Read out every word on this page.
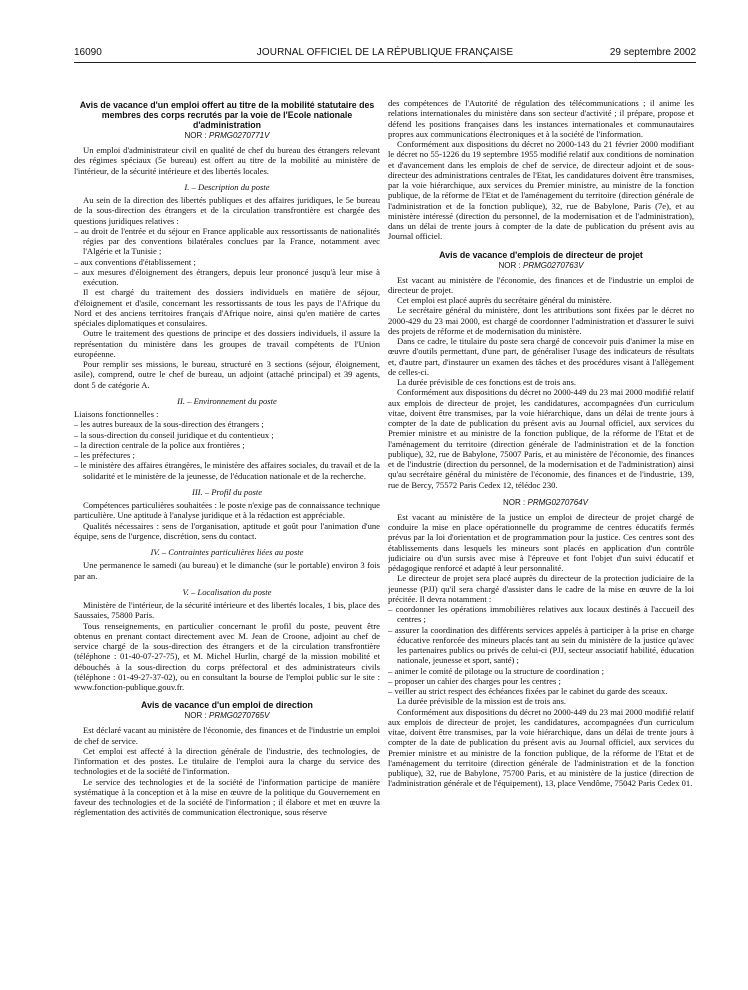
16090	JOURNAL OFFICIEL DE LA RÉPUBLIQUE FRANÇAISE	29 septembre 2002

Avis de vacance d'un emploi offert au titre de la mobilité statutaire des membres des corps recrutés par la voie de l'Ecole nationale d'administration

NOR : PRMG0270771V

Un emploi d'administrateur civil en qualité de chef du bureau des étrangers relevant des régimes spéciaux (5e bureau) est offert au titre de la mobilité au ministère de l'intérieur, de la sécurité intérieure et des libertés locales.

I. – Description du poste

Au sein de la direction des libertés publiques et des affaires juridiques, le 5e bureau de la sous-direction des étrangers et de la circulation transfrontière est chargée des questions juridiques relatives :

– au droit de l'entrée et du séjour en France applicable aux ressortissants de nationalités régies par des conventions bilatérales conclues par la France, notamment avec l'Algérie et la Tunisie ;
– aux conventions d'établissement ;
– aux mesures d'éloignement des étrangers, depuis leur prononcé jusqu'à leur mise à exécution.

Il est chargé du traitement des dossiers individuels en matière de séjour, d'éloignement et d'asile, concernant les ressortissants de tous les pays de l'Afrique du Nord et des anciens territoires français d'Afrique noire, ainsi qu'en matière de cartes spéciales diplomatiques et consulaires.

Outre le traitement des questions de principe et des dossiers individuels, il assure la représentation du ministère dans les groupes de travail compétents de l'Union européenne.

Pour remplir ses missions, le bureau, structuré en 3 sections (séjour, éloignement, asile), comprend, outre le chef de bureau, un adjoint (attaché principal) et 39 agents, dont 5 de catégorie A.

II. – Environnement du poste

Liaisons fonctionnelles :

– les autres bureaux de la sous-direction des étrangers ;
– la sous-direction du conseil juridique et du contentieux ;
– la direction centrale de la police aux frontières ;
– les préfectures ;
– le ministère des affaires étrangères, le ministère des affaires sociales, du travail et de la solidarité et le ministère de la jeunesse, de l'éducation nationale et de la recherche.

III. – Profil du poste

Compétences particulières souhaitées : le poste n'exige pas de connaissance technique particulière. Une aptitude à l'analyse juridique et à la rédaction est appréciable.

Qualités nécessaires : sens de l'organisation, aptitude et goût pour l'animation d'une équipe, sens de l'urgence, discrétion, sens du contact.

IV. – Contraintes particulières liées au poste

Une permanence le samedi (au bureau) et le dimanche (sur le portable) environ 3 fois par an.

V. – Localisation du poste

Ministère de l'intérieur, de la sécurité intérieure et des libertés locales, 1 bis, place des Saussaies, 75800 Paris.

Tous renseignements, en particulier concernant le profil du poste, peuvent être obtenus en prenant contact directement avec M. Jean de Croone, adjoint au chef de service chargé de la sous-direction des étrangers et de la circulation transfrontière (téléphone : 01-40-07-27-75), et M. Michel Hurlin, chargé de la mission mobilité et débouchés à la sous-direction du corps préfectoral et des administrateurs civils (téléphone : 01-49-27-37-02), ou en consultant la bourse de l'emploi public sur le site : www.fonction-publique.gouv.fr.

Avis de vacance d'un emploi de direction

NOR : PRMG0270765V

Est déclaré vacant au ministère de l'économie, des finances et de l'industrie un emploi de chef de service.

Cet emploi est affecté à la direction générale de l'industrie, des technologies, de l'information et des postes. Le titulaire de l'emploi aura la charge du service des technologies et de la société de l'information.

Le service des technologies et de la société de l'information participe de manière systématique à la conception et à la mise en œuvre de la politique du Gouvernement en faveur des technologies et de la société de l'information ; il élabore et met en œuvre la réglementation des activités de communication électronique, sous réserve

des compétences de l'Autorité de régulation des télécommunications ; il anime les relations internationales du ministère dans son secteur d'activité ; il prépare, propose et défend les positions françaises dans les instances internationales et communautaires propres aux communications électroniques et à la société de l'information.

Conformément aux dispositions du décret no 2000-143 du 21 février 2000 modifiant le décret no 55-1226 du 19 septembre 1955 modifié relatif aux conditions de nomination et d'avancement dans les emplois de chef de service, de directeur adjoint et de sous-directeur des administrations centrales de l'Etat, les candidatures doivent être transmises, par la voie hiérarchique, aux services du Premier ministre, au ministre de la fonction publique, de la réforme de l'Etat et de l'aménagement du territoire (direction générale de l'administration et de la fonction publique), 32, rue de Babylone, Paris (7e), et au ministère intéressé (direction du personnel, de la modernisation et de l'administration), dans un délai de trente jours à compter de la date de publication du présent avis au Journal officiel.

Avis de vacance d'emplois de directeur de projet

NOR : PRMG0270763V

Est vacant au ministère de l'économie, des finances et de l'industrie un emploi de directeur de projet.

Cet emploi est placé auprès du secrétaire général du ministère.

Le secrétaire général du ministère, dont les attributions sont fixées par le décret no 2000-429 du 23 mai 2000, est chargé de coordonner l'administration et d'assurer le suivi des projets de réforme et de modernisation du ministère.

Dans ce cadre, le titulaire du poste sera chargé de concevoir puis d'animer la mise en œuvre d'outils permettant, d'une part, de généraliser l'usage des indicateurs de résultats et, d'autre part, d'instaurer un examen des tâches et des procédures visant à l'allègement de celles-ci.

La durée prévisible de ces fonctions est de trois ans.

Conformément aux dispositions du décret no 2000-449 du 23 mai 2000 modifié relatif aux emplois de directeur de projet, les candidatures, accompagnées d'un curriculum vitae, doivent être transmises, par la voie hiérarchique, dans un délai de trente jours à compter de la date de publication du présent avis au Journal officiel, aux services du Premier ministre et au ministre de la fonction publique, de la réforme de l'Etat et de l'aménagement du territoire (direction générale de l'administration et de la fonction publique), 32, rue de Babylone, 75007 Paris, et au ministère de l'économie, des finances et de l'industrie (direction du personnel, de la modernisation et de l'administration) ainsi qu'au secrétaire général du ministère de l'économie, des finances et de l'industrie, 139, rue de Bercy, 75572 Paris Cedex 12, télédoc 230.

NOR : PRMG0270764V

Est vacant au ministère de la justice un emploi de directeur de projet chargé de conduire la mise en place opérationnelle du programme de centres éducatifs fermés prévus par la loi d'orientation et de programmation pour la justice. Ces centres sont des établissements dans lesquels les mineurs sont placés en application d'un contrôle judiciaire ou d'un sursis avec mise à l'épreuve et font l'objet d'un suivi éducatif et pédagogique renforcé et adapté à leur personnalité.

Le directeur de projet sera placé auprès du directeur de la protection judiciaire de la jeunesse (PJJ) qu'il sera chargé d'assister dans le cadre de la mise en œuvre de la loi précitée. Il devra notamment :

– coordonner les opérations immobilières relatives aux locaux destinés à l'accueil des centres ;
– assurer la coordination des différents services appelés à participer à la prise en charge éducative renforcée des mineurs placés tant au sein du ministère de la justice qu'avec les partenaires publics ou privés de celui-ci (PJJ, secteur associatif habilité, éducation nationale, jeunesse et sport, santé) ;
– animer le comité de pilotage ou la structure de coordination ;
– proposer un cahier des charges pour les centres ;
– veiller au strict respect des échéances fixées par le cabinet du garde des sceaux.

La durée prévisible de la mission est de trois ans.

Conformément aux dispositions du décret no 2000-449 du 23 mai 2000 modifié relatif aux emplois de directeur de projet, les candidatures, accompagnées d'un curriculum vitae, doivent être transmises, par la voie hiérarchique, dans un délai de trente jours à compter de la date de publication du présent avis au Journal officiel, aux services du Premier ministre et au ministre de la fonction publique, de la réforme de l'Etat et de l'aménagement du territoire (direction générale de l'administration et de la fonction publique), 32, rue de Babylone, 75700 Paris, et au ministère de la justice (direction de l'administration générale et de l'équipement), 13, place Vendôme, 75042 Paris Cedex 01.
